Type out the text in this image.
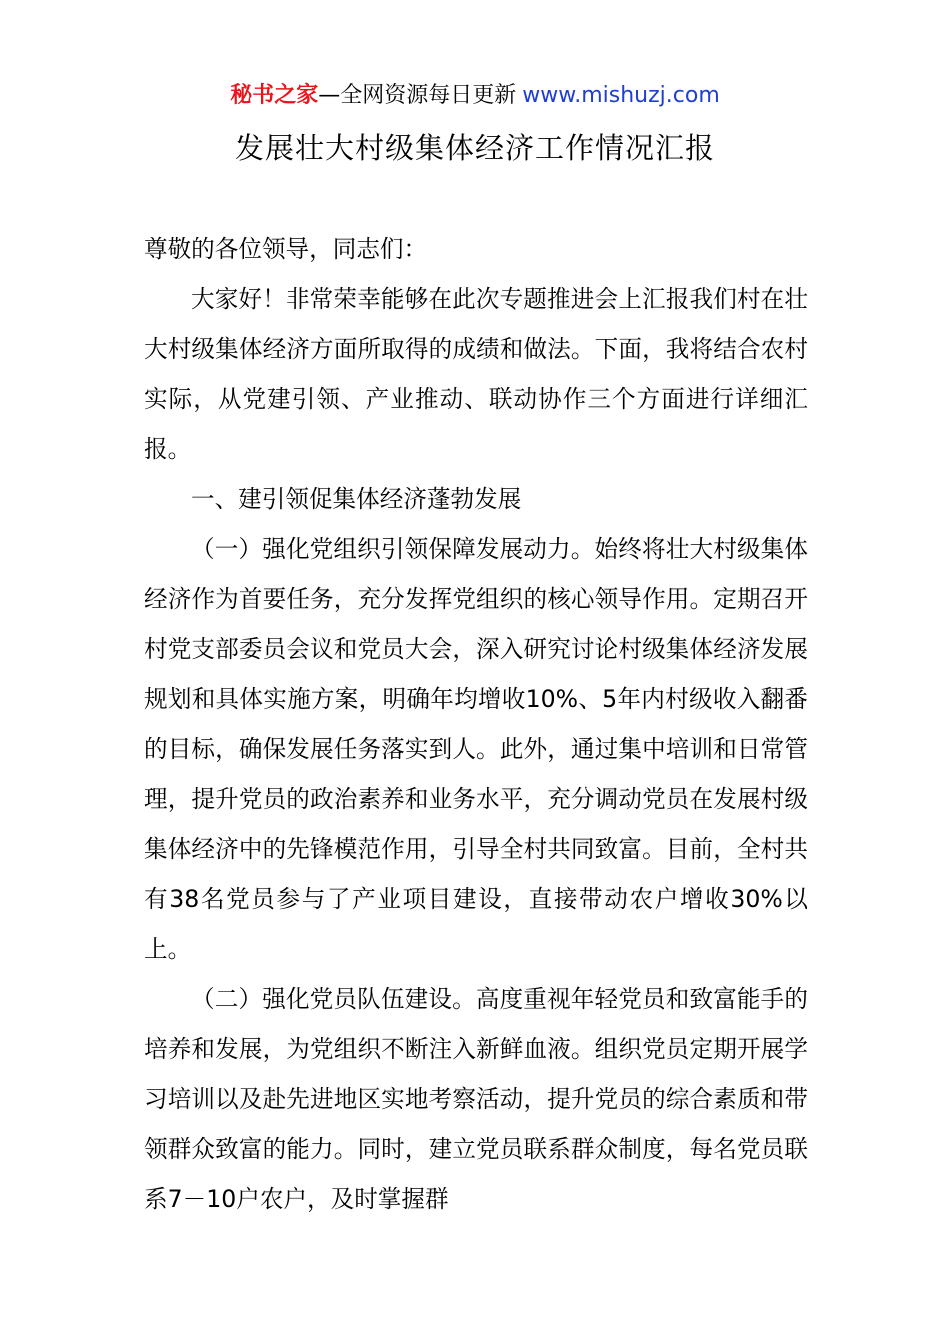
秘书之家—全网资源每日更新 www.mishuzj.com
发展壮大村级集体经济工作情况汇报

尊敬的各位领导，同志们：

大家好！非常荣幸能够在此次专题推进会上汇报我们村在壮大村级集体经济方面所取得的成绩和做法。下面，我将结合农村实际，从党建引领、产业推动、联动协作三个方面进行详细汇报。

一、建引领促集体经济蓬勃发展

（一）强化党组织引领保障发展动力。始终将壮大村级集体经济作为首要任务，充分发挥党组织的核心领导作用。定期召开村党支部委员会议和党员大会，深入研究讨论村级集体经济发展规划和具体实施方案，明确年均增收10%、5年内村级收入翻番的目标，确保发展任务落实到人。此外，通过集中培训和日常管理，提升党员的政治素养和业务水平，充分调动党员在发展村级集体经济中的先锋模范作用，引导全村共同致富。目前，全村共有38名党员参与了产业项目建设，直接带动农户增收30%以上。

（二）强化党员队伍建设。高度重视年轻党员和致富能手的培养和发展，为党组织不断注入新鲜血液。组织党员定期开展学习培训以及赴先进地区实地考察活动，提升党员的综合素质和带领群众致富的能力。同时，建立党员联系群众制度，每名党员联系7－10户农户，及时掌握群
